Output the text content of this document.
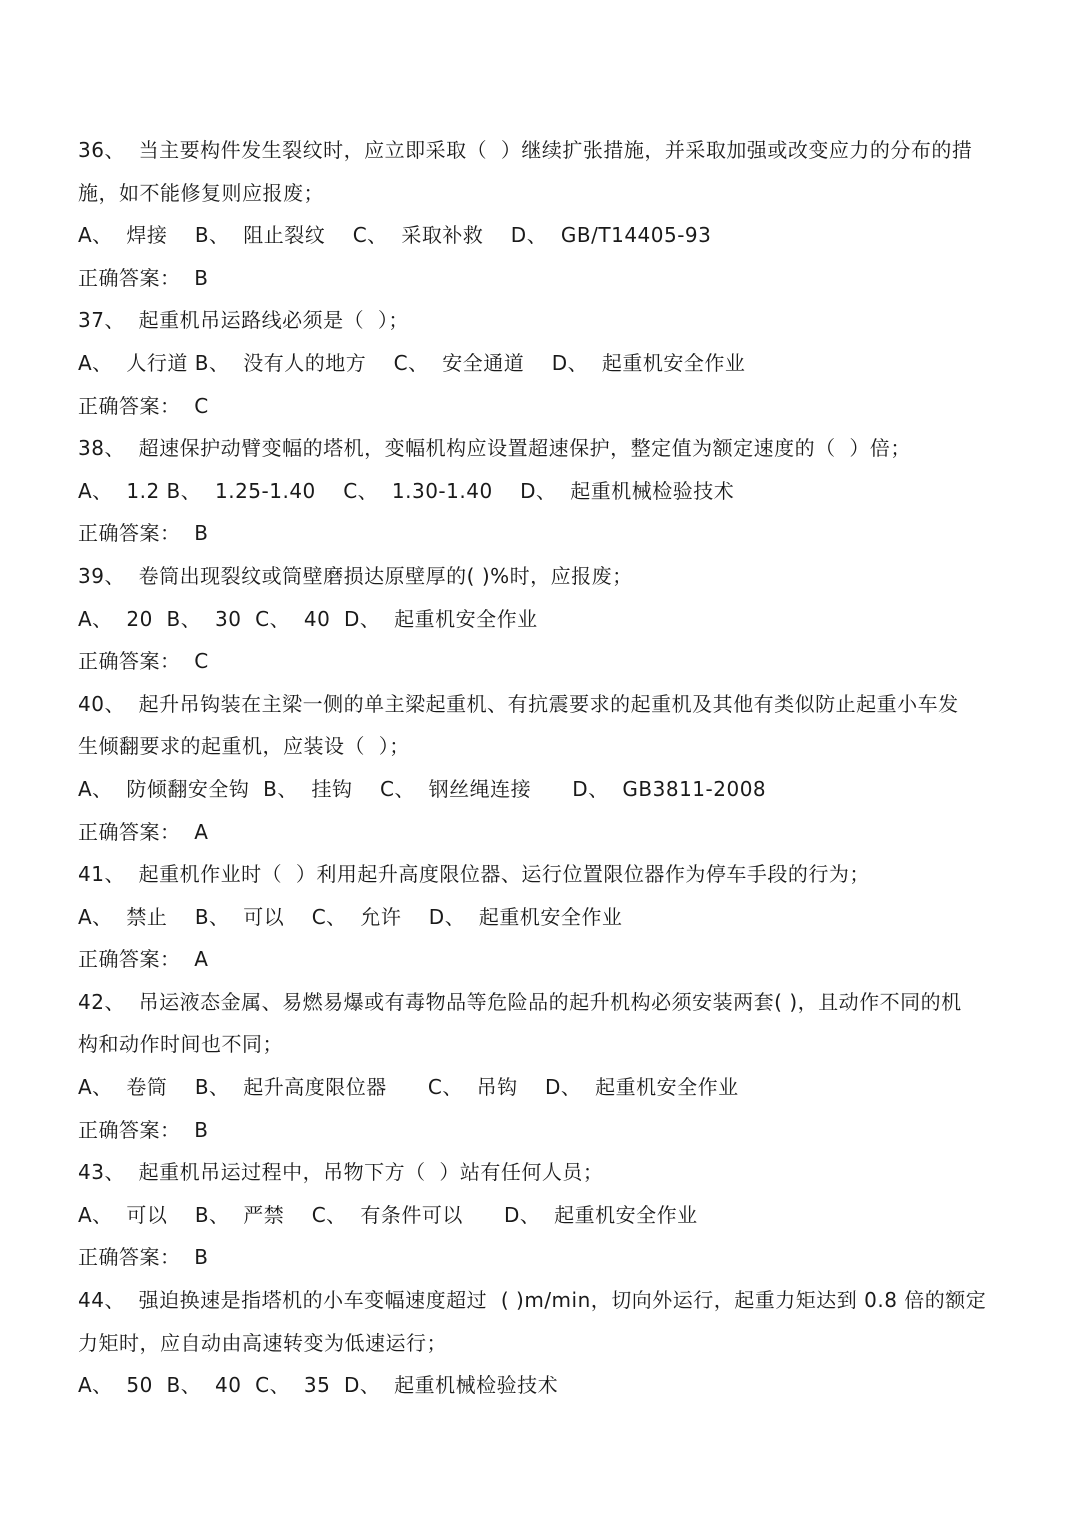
36、  当主要构件发生裂纹时，应立即采取（  ）继续扩张措施，并采取加强或改变应力的分布的措
施，如不能修复则应报废；
A、  焊接    B、  阻止裂纹    C、  采取补救    D、  GB/T14405-93
正确答案：  B
37、  起重机吊运路线必须是（  ）；
A、  人行道 B、  没有人的地方    C、  安全通道    D、  起重机安全作业
正确答案：  C
38、  超速保护动臂变幅的塔机，变幅机构应设置超速保护，整定值为额定速度的（  ）倍；
A、  1.2 B、  1.25-1.40    C、  1.30-1.40    D、  起重机械检验技术
正确答案：  B
39、  卷筒出现裂纹或筒壁磨损达原壁厚的( )%时，应报废；
A、  20  B、  30  C、  40  D、  起重机安全作业
正确答案：  C
40、  起升吊钩装在主梁一侧的单主梁起重机、有抗震要求的起重机及其他有类似防止起重小车发
生倾翻要求的起重机，应装设（  ）；
A、  防倾翻安全钩  B、  挂钩    C、  钢丝绳连接      D、  GB3811-2008
正确答案：  A
41、  起重机作业时（  ）利用起升高度限位器、运行位置限位器作为停车手段的行为；
A、  禁止    B、  可以    C、  允许    D、  起重机安全作业
正确答案：  A
42、  吊运液态金属、易燃易爆或有毒物品等危险品的起升机构必须安装两套( )，且动作不同的机
构和动作时间也不同；
A、  卷筒    B、  起升高度限位器      C、  吊钩    D、  起重机安全作业
正确答案：  B
43、  起重机吊运过程中，吊物下方（  ）站有任何人员；
A、  可以    B、  严禁    C、  有条件可以      D、  起重机安全作业
正确答案：  B
44、  强迫换速是指塔机的小车变幅速度超过  ( )m/min，切向外运行，起重力矩达到 0.8 倍的额定
力矩时，应自动由高速转变为低速运行；
A、  50  B、  40  C、  35  D、  起重机械检验技术
